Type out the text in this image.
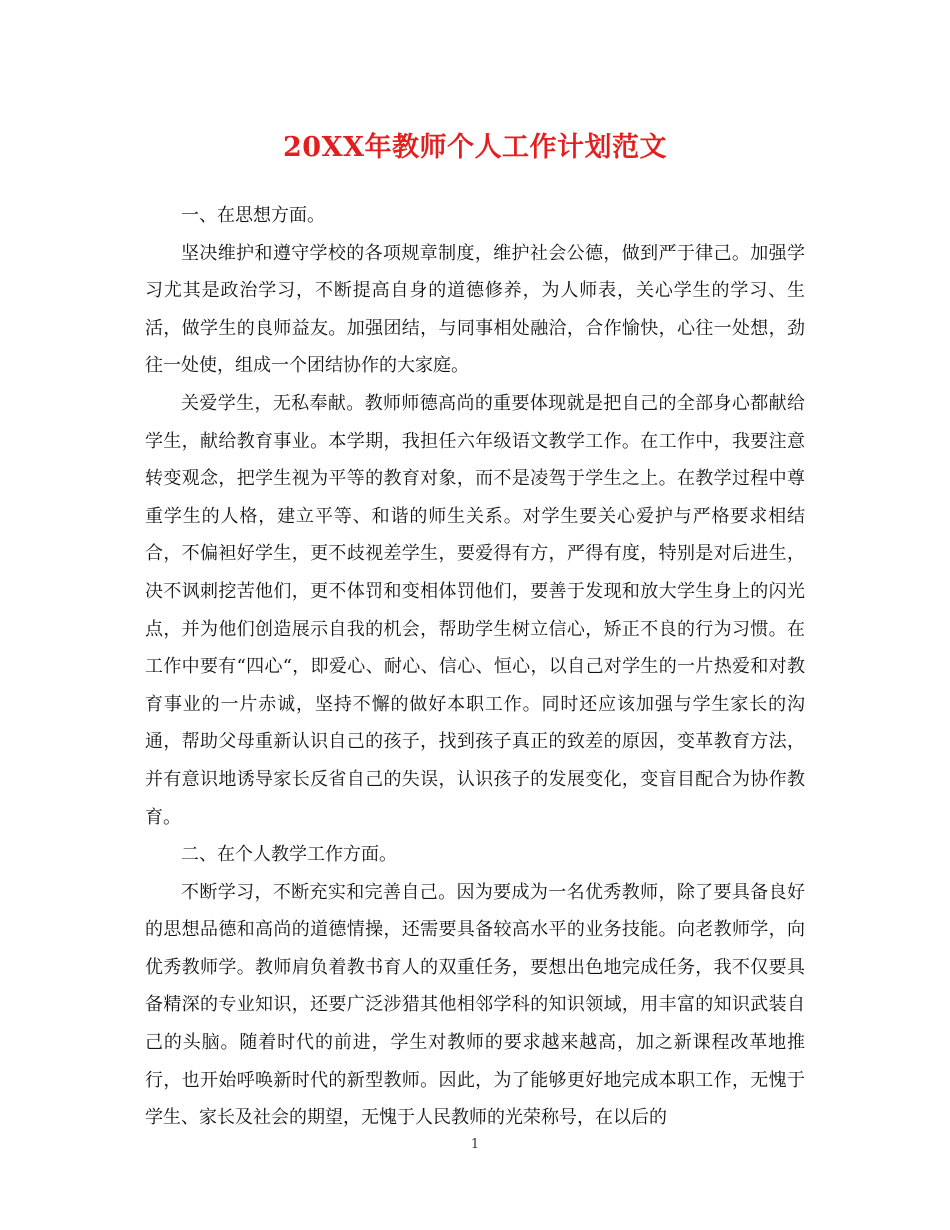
20XX年教师个人工作计划范文

一、在思想方面。

坚决维护和遵守学校的各项规章制度，维护社会公德，做到严于律己。加强学习尤其是政治学习，不断提高自身的道德修养，为人师表，关心学生的学习、生活，做学生的良师益友。加强团结，与同事相处融洽，合作愉快，心往一处想，劲往一处使，组成一个团结协作的大家庭。

关爱学生，无私奉献。教师师德高尚的重要体现就是把自己的全部身心都献给学生，献给教育事业。本学期，我担任六年级语文教学工作。在工作中，我要注意转变观念，把学生视为平等的教育对象，而不是凌驾于学生之上。在教学过程中尊重学生的人格，建立平等、和谐的师生关系。对学生要关心爱护与严格要求相结合，不偏袒好学生，更不歧视差学生，要爱得有方，严得有度，特别是对后进生，决不讽刺挖苦他们，更不体罚和变相体罚他们，要善于发现和放大学生身上的闪光点，并为他们创造展示自我的机会，帮助学生树立信心，矫正不良的行为习惯。在工作中要有“四心“，即爱心、耐心、信心、恒心，以自己对学生的一片热爱和对教育事业的一片赤诚，坚持不懈的做好本职工作。同时还应该加强与学生家长的沟通，帮助父母重新认识自己的孩子，找到孩子真正的致差的原因，变革教育方法，并有意识地诱导家长反省自己的失误，认识孩子的发展变化，变盲目配合为协作教育。

二、在个人教学工作方面。

不断学习，不断充实和完善自己。因为要成为一名优秀教师，除了要具备良好的思想品德和高尚的道德情操，还需要具备较高水平的业务技能。向老教师学，向优秀教师学。教师肩负着教书育人的双重任务，要想出色地完成任务，我不仅要具备精深的专业知识，还要广泛涉猎其他相邻学科的知识领域，用丰富的知识武装自己的头脑。随着时代的前进，学生对教师的要求越来越高，加之新课程改革地推行，也开始呼唤新时代的新型教师。因此，为了能够更好地完成本职工作，无愧于学生、家长及社会的期望，无愧于人民教师的光荣称号，在以后的

1
